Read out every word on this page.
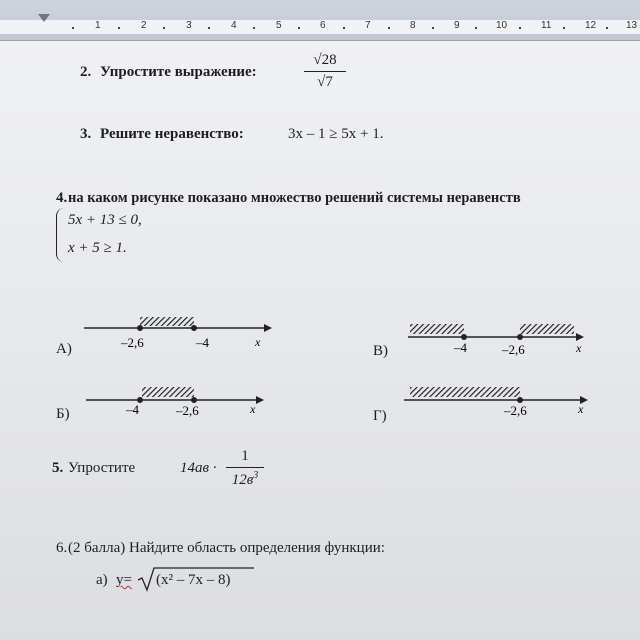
1	2	3	4	5	6	7	8	9	10	11	12	13
2. Упростите выражение:
√28
√7
3. Решите неравенство:	3x – 1 ≥ 5x + 1.
4. на каком рисунке показано множество решений системы неравенств
5x + 13 ≤ 0,
x + 5 ≥ 1.
–2,6	–4	x	–4	–2,6	x
–4	–2,6	x	–2,6	x
А)	В)
Б)	Г)
5. Упростите	14ав ·
1
$12в^3$
6. (2 балла) Найдите область определения функции:
а) y= (x² – 7x – 8)
